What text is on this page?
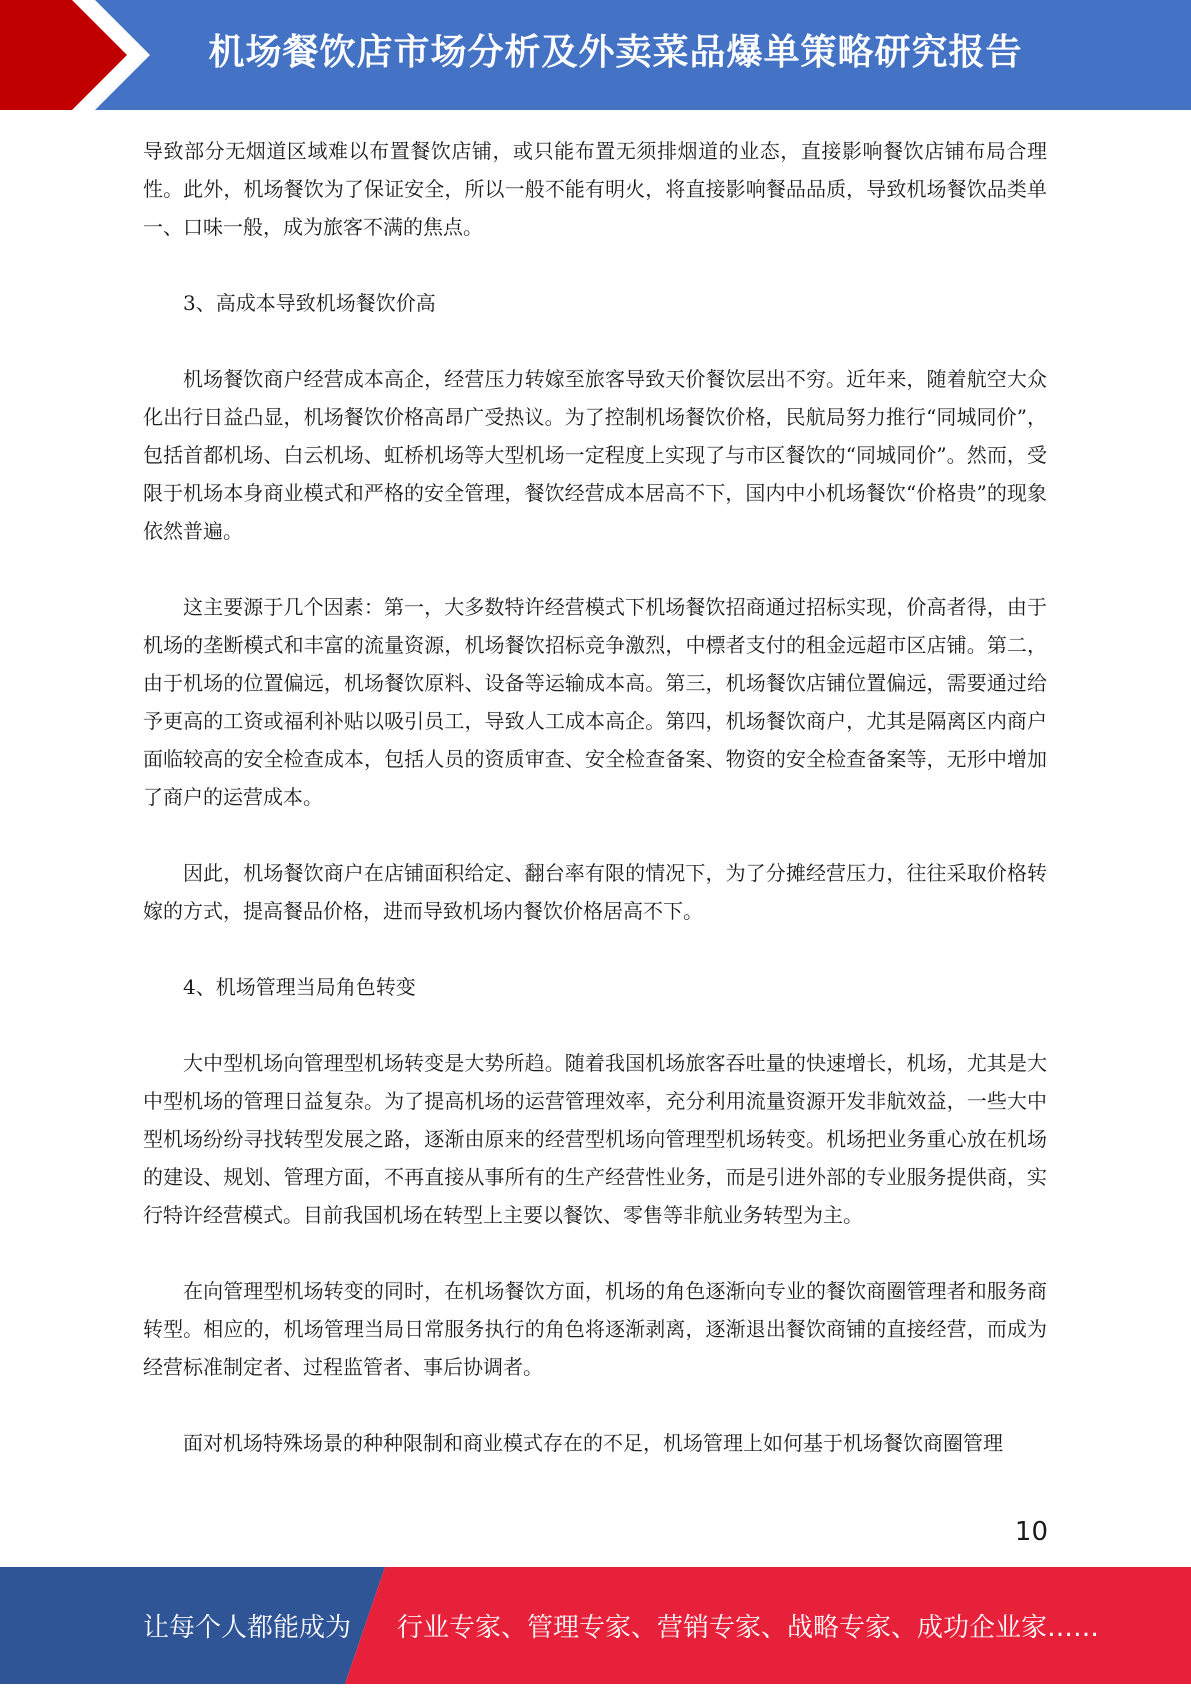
机场餐饮店市场分析及外卖菜品爆单策略研究报告

导致部分无烟道区域难以布置餐饮店铺，或只能布置无须排烟道的业态，直接影响餐饮店铺布局合理性。此外，机场餐饮为了保证安全，所以一般不能有明火，将直接影响餐品品质，导致机场餐饮品类单一、口味一般，成为旅客不满的焦点。

3、高成本导致机场餐饮价高

机场餐饮商户经营成本高企，经营压力转嫁至旅客导致天价餐饮层出不穷。近年来，随着航空大众化出行日益凸显，机场餐饮价格高昂广受热议。为了控制机场餐饮价格，民航局努力推行“同城同价”，包括首都机场、白云机场、虹桥机场等大型机场一定程度上实现了与市区餐饮的“同城同价”。然而，受限于机场本身商业模式和严格的安全管理，餐饮经营成本居高不下，国内中小机场餐饮“价格贵”的现象依然普遍。

这主要源于几个因素：第一，大多数特许经营模式下机场餐饮招商通过招标实现，价高者得，由于机场的垄断模式和丰富的流量资源，机场餐饮招标竞争激烈，中標者支付的租金远超市区店铺。第二，由于机场的位置偏远，机场餐饮原料、设备等运输成本高。第三，机场餐饮店铺位置偏远，需要通过给予更高的工资或福利补贴以吸引员工，导致人工成本高企。第四，机场餐饮商户，尤其是隔离区内商户面临较高的安全检查成本，包括人员的资质审查、安全检查备案、物资的安全检查备案等，无形中增加了商户的运营成本。

因此，机场餐饮商户在店铺面积给定、翻台率有限的情况下，为了分摊经营压力，往往采取价格转嫁的方式，提高餐品价格，进而导致机场内餐饮价格居高不下。

4、机场管理当局角色转变

大中型机场向管理型机场转变是大势所趋。随着我国机场旅客吞吐量的快速增长，机场，尤其是大中型机场的管理日益复杂。为了提高机场的运营管理效率，充分利用流量资源开发非航效益，一些大中型机场纷纷寻找转型发展之路，逐渐由原来的经营型机场向管理型机场转变。机场把业务重心放在机场的建设、规划、管理方面，不再直接从事所有的生产经营性业务，而是引进外部的专业服务提供商，实行特许经营模式。目前我国机场在转型上主要以餐饮、零售等非航业务转型为主。

在向管理型机场转变的同时，在机场餐饮方面，机场的角色逐渐向专业的餐饮商圈管理者和服务商转型。相应的，机场管理当局日常服务执行的角色将逐渐剥离，逐渐退出餐饮商铺的直接经营，而成为经营标准制定者、过程监管者、事后协调者。

面对机场特殊场景的种种限制和商业模式存在的不足，机场管理上如何基于机场餐饮商圈管理

10
让每个人都能成为 行业专家、管理专家、营销专家、战略专家、成功企业家……
